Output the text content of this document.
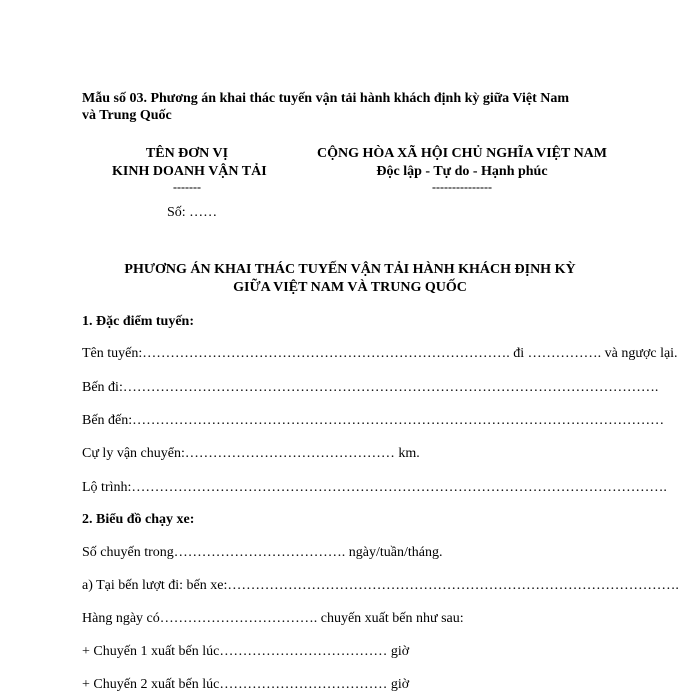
Mẫu số 03. Phương án khai thác tuyến vận tải hành khách định kỳ giữa Việt Nam
và Trung Quốc
TÊN ĐƠN VỊ
KINH DOANH VẬN TẢI
-------
Số: ……
CỘNG HÒA XÃ HỘI CHỦ NGHĨA VIỆT NAM
Độc lập - Tự do - Hạnh phúc
---------------
PHƯƠNG ÁN KHAI THÁC TUYẾN VẬN TẢI HÀNH KHÁCH ĐỊNH KỲ
GIỮA VIỆT NAM VÀ TRUNG QUỐC
1. Đặc điểm tuyến:
Tên tuyến:……………………………………………………………………. đi ……………. và ngược lại.
Bến đi:…………………………………………………………………………………………………….
Bến đến:……………………………………………………………………………………………………
Cự ly vận chuyển:……………………………………… km.
Lộ trình:…………………………………………………………………………………………………….
2. Biểu đồ chạy xe:
Số chuyến trong………………………………. ngày/tuần/tháng.
a) Tại bến lượt đi: bến xe:…………………………………………………………………………………….
Hàng ngày có……………………………. chuyến xuất bến như sau:
+ Chuyến 1 xuất bến lúc……………………………… giờ
+ Chuyến 2 xuất bến lúc……………………………… giờ
